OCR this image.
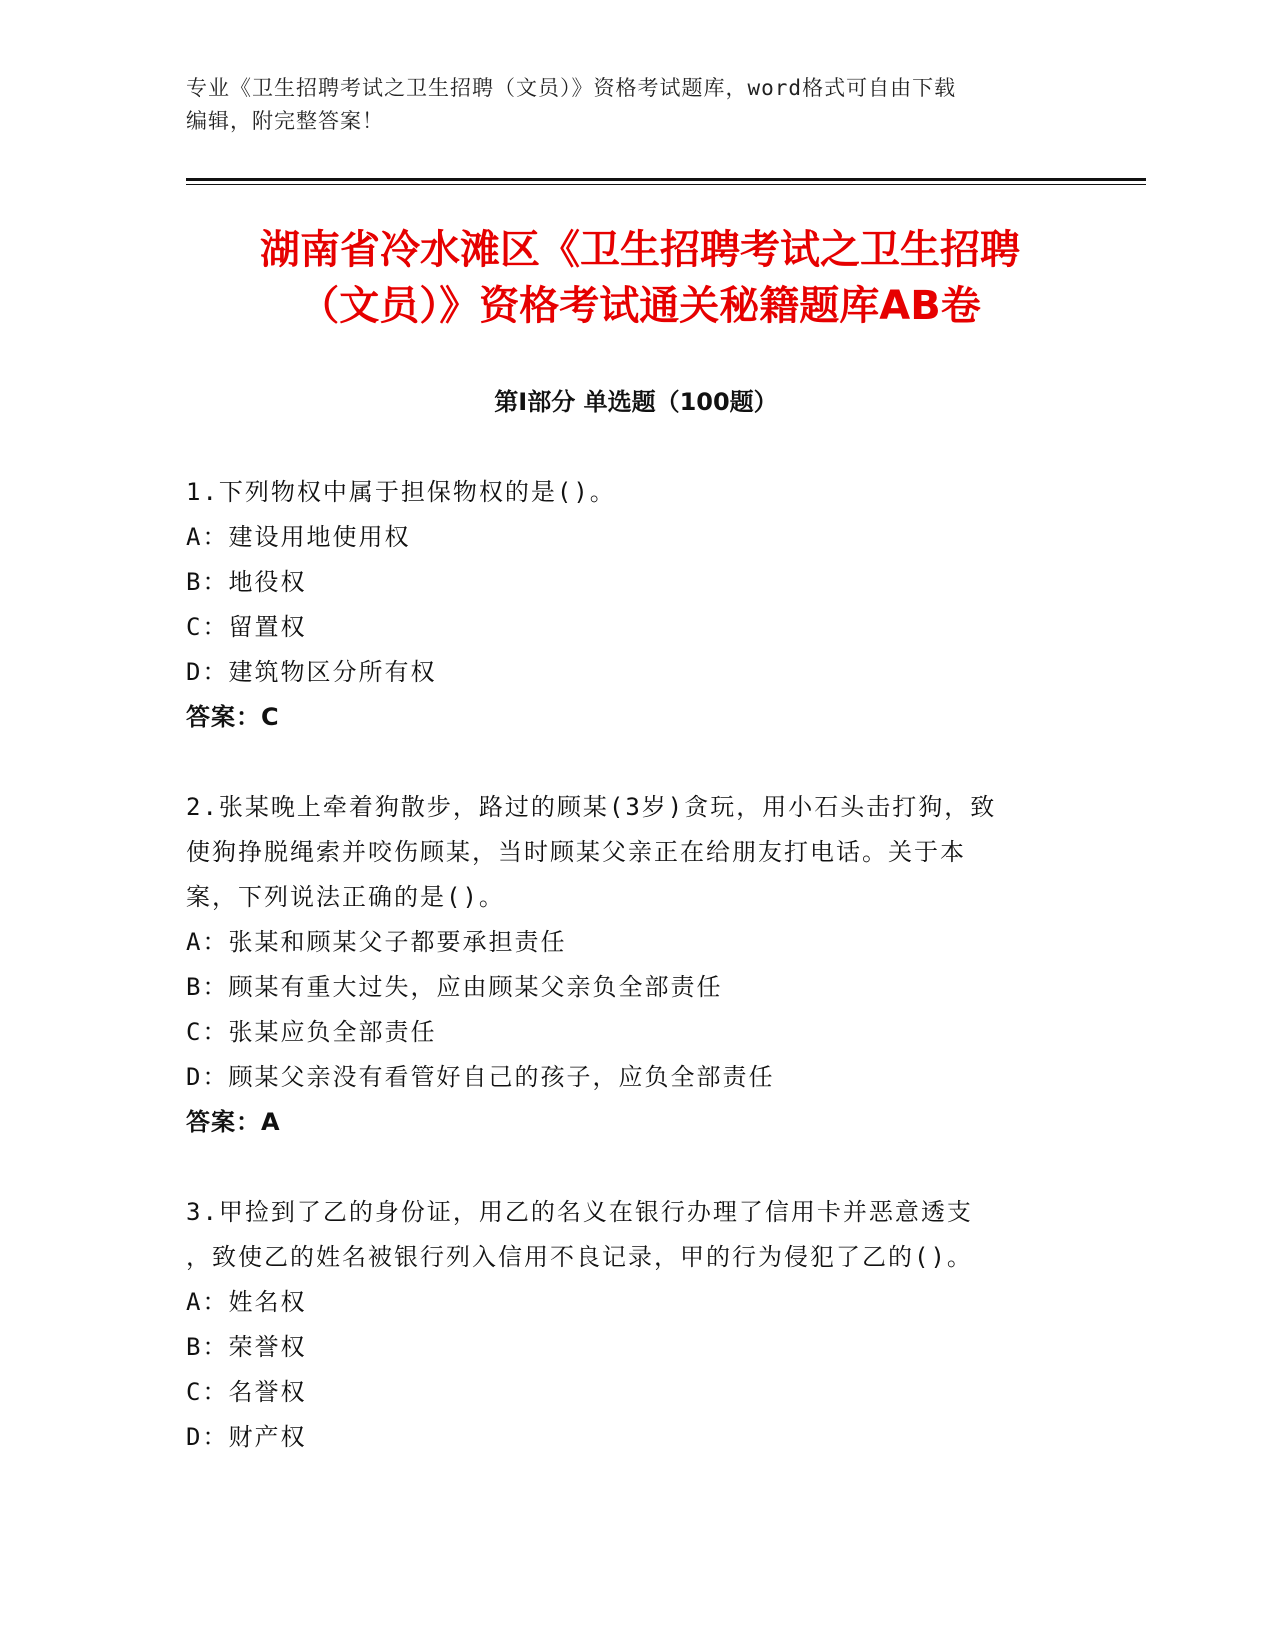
专业《卫生招聘考试之卫生招聘（文员）》资格考试题库，word格式可自由下载
编辑，附完整答案！
湖南省冷水滩区《卫生招聘考试之卫生招聘
（文员）》资格考试通关秘籍题库AB卷
第I部分 单选题（100题）
1.下列物权中属于担保物权的是()。
A：建设用地使用权
B：地役权
C：留置权
D：建筑物区分所有权
答案：C
2.张某晚上牵着狗散步，路过的顾某(3岁)贪玩，用小石头击打狗，致
使狗挣脱绳索并咬伤顾某，当时顾某父亲正在给朋友打电话。关于本
案，下列说法正确的是()。
A：张某和顾某父子都要承担责任
B：顾某有重大过失，应由顾某父亲负全部责任
C：张某应负全部责任
D：顾某父亲没有看管好自己的孩子，应负全部责任
答案：A
3.甲捡到了乙的身份证，用乙的名义在银行办理了信用卡并恶意透支
，致使乙的姓名被银行列入信用不良记录，甲的行为侵犯了乙的()。
A：姓名权
B：荣誉权
C：名誉权
D：财产权
